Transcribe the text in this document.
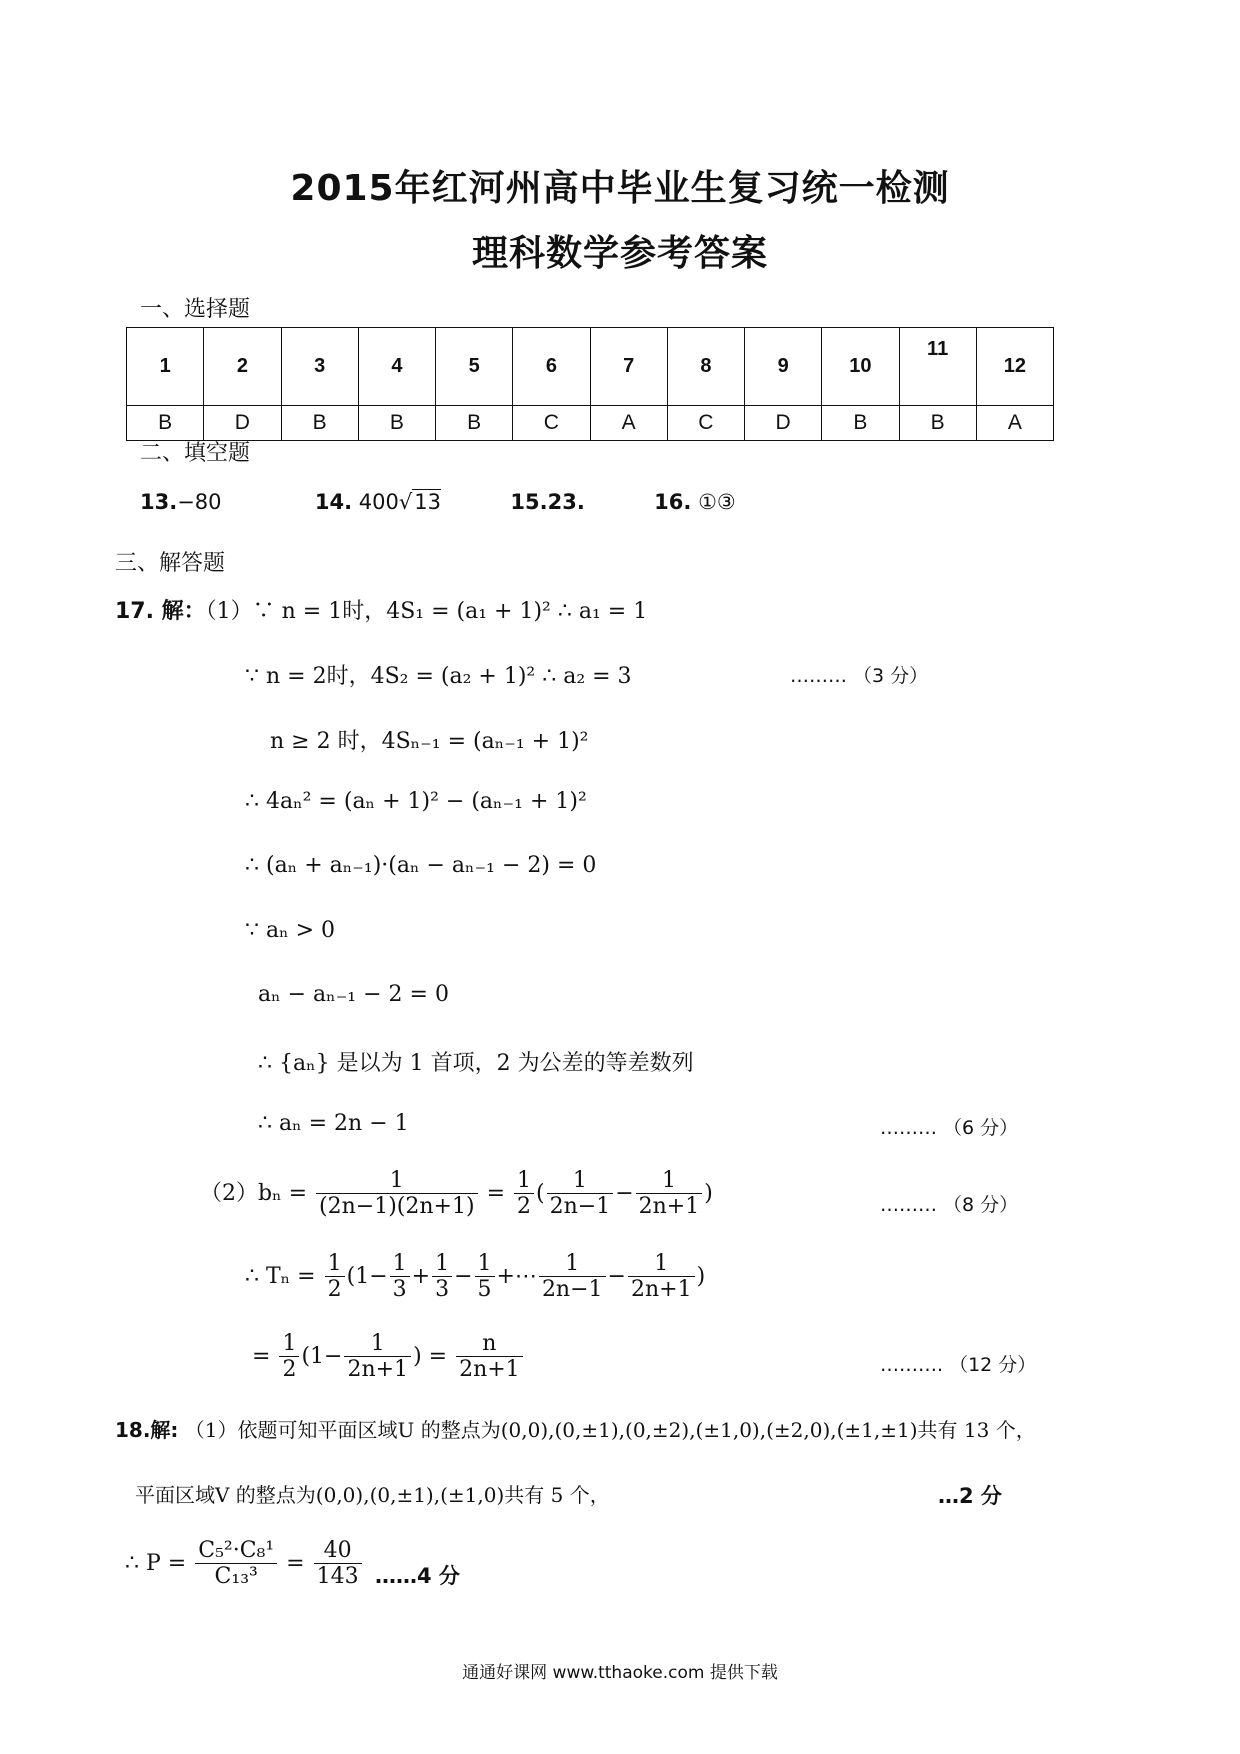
2015年红河州高中毕业生复习统一检测
理科数学参考答案
一、选择题
1	2	3	4	5	6	7	8	9	10	11	12
B	D	B	B	B	C	A	C	D	B	B	A
二、填空题
13.−80	14. 400√13	15.23.	16. ①③
三、解答题
17. 解：（1）∵ n = 1时，4S₁ = (a₁ + 1)² ∴ a₁ = 1
∵ n = 2时，4S₂ = (a₂ + 1)² ∴ a₂ = 3	……… （3 分）
n ≥ 2 时，4Sₙ₋₁ = (aₙ₋₁ + 1)²
∴ 4aₙ² = (aₙ + 1)² − (aₙ₋₁ + 1)²
∴ (aₙ + aₙ₋₁)·(aₙ − aₙ₋₁ − 2) = 0
∵ aₙ > 0
aₙ − aₙ₋₁ − 2 = 0
∴ {aₙ} 是以为 1 首项，2 为公差的等差数列
∴ aₙ = 2n − 1	……… （6 分）
$(2)b_n = \frac{1}{(2n-1)(2n+1)} = \frac{1}{2}$ ( $\frac{1}{2n-1} - \frac{1}{2n+1}$ )	……… （8 分）
∴ $T_n = \frac{1}{2} (1- \frac{1}{3} + \frac{1}{3} - \frac{1}{5}$ +⋯ $\frac{1}{2n-1} - \frac{1}{2n+1}$ )
= $\frac{1}{2} (1- \frac{1}{2n+1}$ ) = $\frac{n}{2n+1}$	………. （12 分）
18.解: （1）依题可知平面区域U 的整点为(0,0),(0,±1),(0,±2),(±1,0),(±2,0),(±1,±1)共有 13 个，
平面区域V 的整点为(0,0),(0,±1),(±1,0)共有 5 个，	…2 分
∴ $P = \frac{\text{C₅²·C₈¹}}{\text{C₁₃³}} = \frac{40}{143}$ ……4 分
通通好课网 www.tthaoke.com 提供下载
